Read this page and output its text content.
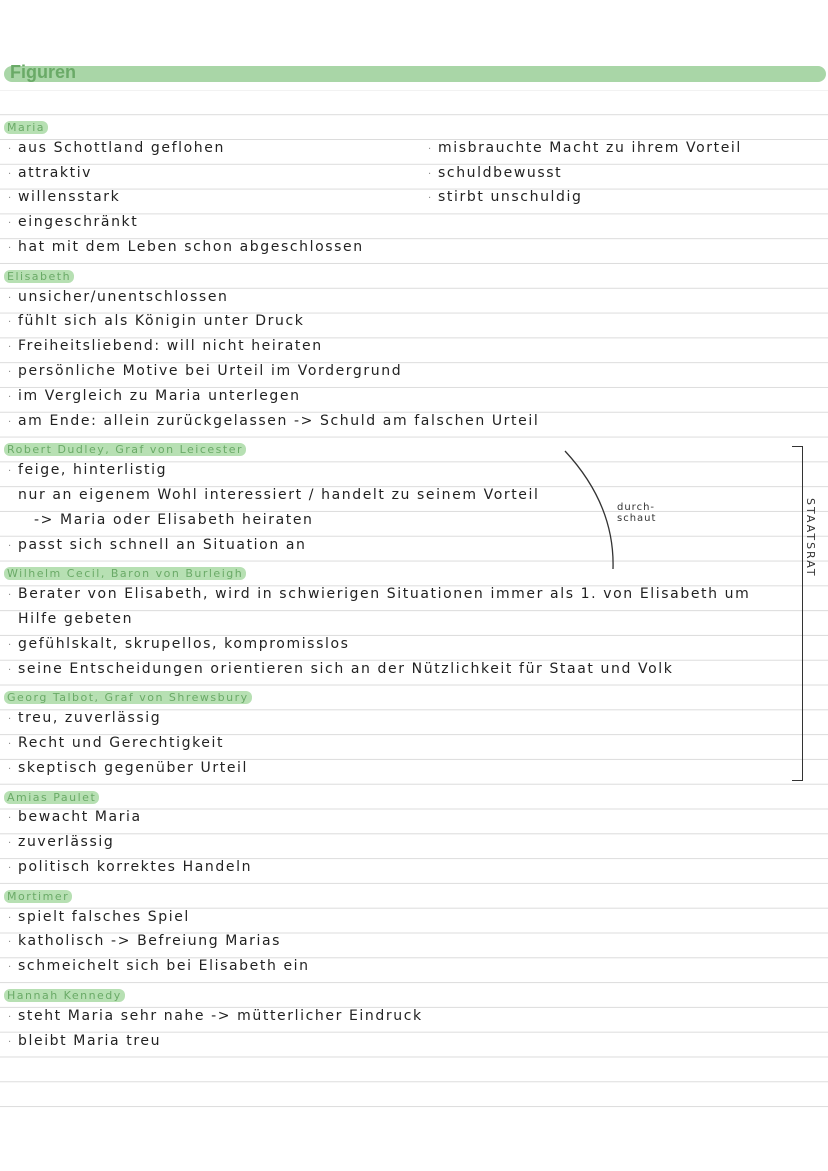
Figuren
Maria
· aus Schottland geflohen
· attraktiv
· willensstark
· eingeschränkt
· hat mit dem Leben schon abgeschlossen
· misbrauchte Macht zu ihrem Vorteil
· schuldbewusst
· stirbt unschuldig
Elisabeth
· unsicher/unentschlossen
· fühlt sich als Königin unter Druck
· Freiheitsliebend: will nicht heiraten
· persönliche Motive bei Urteil im Vordergrund
· im Vergleich zu Maria unterlegen
· am Ende: allein zurückgelassen -> Schuld am falschen Urteil
Robert Dudley, Graf von Leicester
· feige, hinterlistig
nur an eigenem Wohl interessiert / handelt zu seinem Vorteil
-> Maria oder Elisabeth heiraten
· passt sich schnell an Situation an
Wilhelm Cecil, Baron von Burleigh
· Berater von Elisabeth, wird in schwierigen Situationen immer als 1. von Elisabeth um
Hilfe gebeten
· gefühlskalt, skrupellos, kompromisslos
· seine Entscheidungen orientieren sich an der Nützlichkeit für Staat und Volk
Georg Talbot, Graf von Shrewsbury
· treu, zuverlässig
· Recht und Gerechtigkeit
· skeptisch gegenüber Urteil
Amias Paulet
· bewacht Maria
· zuverlässig
· politisch korrektes Handeln
Mortimer
· spielt falsches Spiel
· katholisch -> Befreiung Marias
· schmeichelt sich bei Elisabeth ein
Hannah Kennedy
· steht Maria sehr nahe -> mütterlicher Eindruck
· bleibt Maria treu
STAATSRAT
durch-
schaut
